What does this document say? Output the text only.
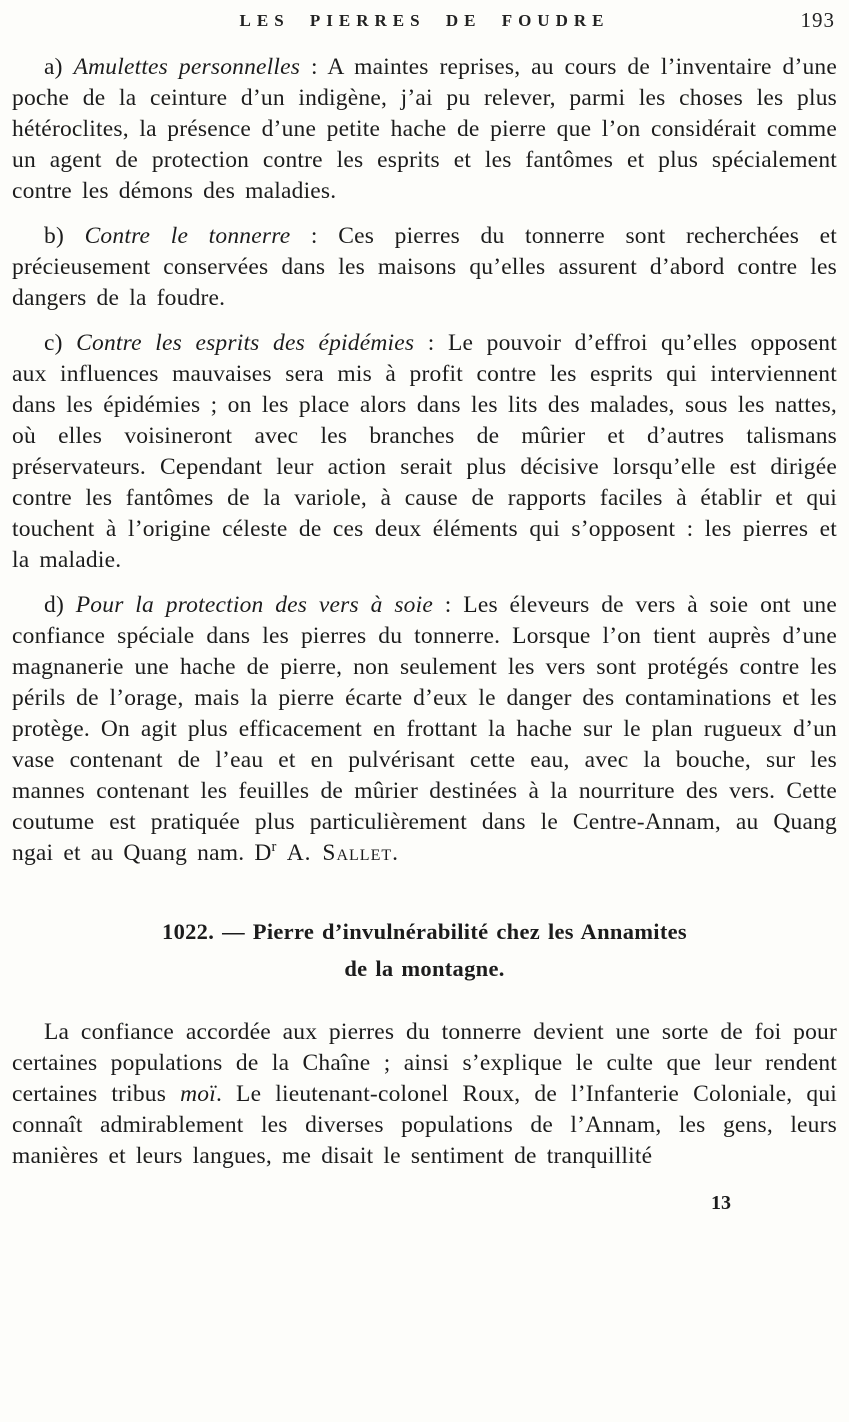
LES PIERRES DE FOUDRE	193

a) Amulettes personnelles : A maintes reprises, au cours de l’inventaire d’une poche de la ceinture d’un indigène, j’ai pu relever, parmi les choses les plus hétéroclites, la présence d’une petite hache de pierre que l’on considérait comme un agent de protection contre les esprits et les fantômes et plus spécialement contre les démons des maladies.

b) Contre le tonnerre : Ces pierres du tonnerre sont recherchées et précieusement conservées dans les maisons qu’elles assurent d’abord contre les dangers de la foudre.

c) Contre les esprits des épidémies : Le pouvoir d’effroi qu’elles opposent aux influences mauvaises sera mis à profit contre les esprits qui interviennent dans les épidémies ; on les place alors dans les lits des malades, sous les nattes, où elles voisineront avec les branches de mûrier et d’autres talismans préservateurs. Cependant leur action serait plus décisive lorsqu’elle est dirigée contre les fantômes de la variole, à cause de rapports faciles à établir et qui touchent à l’origine céleste de ces deux éléments qui s’opposent : les pierres et la maladie.

d) Pour la protection des vers à soie : Les éleveurs de vers à soie ont une confiance spéciale dans les pierres du tonnerre. Lorsque l’on tient auprès d’une magnanerie une hache de pierre, non seulement les vers sont protégés contre les périls de l’orage, mais la pierre écarte d’eux le danger des contaminations et les protège. On agit plus efficacement en frottant la hache sur le plan rugueux d’un vase contenant de l’eau et en pulvérisant cette eau, avec la bouche, sur les mannes contenant les feuilles de mûrier destinées à la nourriture des vers. Cette coutume est pratiquée plus particulièrement dans le Centre-Annam, au Quang ngai et au Quang nam. $D^r$ A. Sallet.

1022. — Pierre d’invulnérabilité chez les Annamites
de la montagne.

La confiance accordée aux pierres du tonnerre devient une sorte de foi pour certaines populations de la Chaîne ; ainsi s’explique le culte que leur rendent certaines tribus moï. Le lieutenant-colonel Roux, de l’Infanterie Coloniale, qui connaît admirablement les diverses populations de l’Annam, les gens, leurs manières et leurs langues, me disait le sentiment de tranquillité

13
